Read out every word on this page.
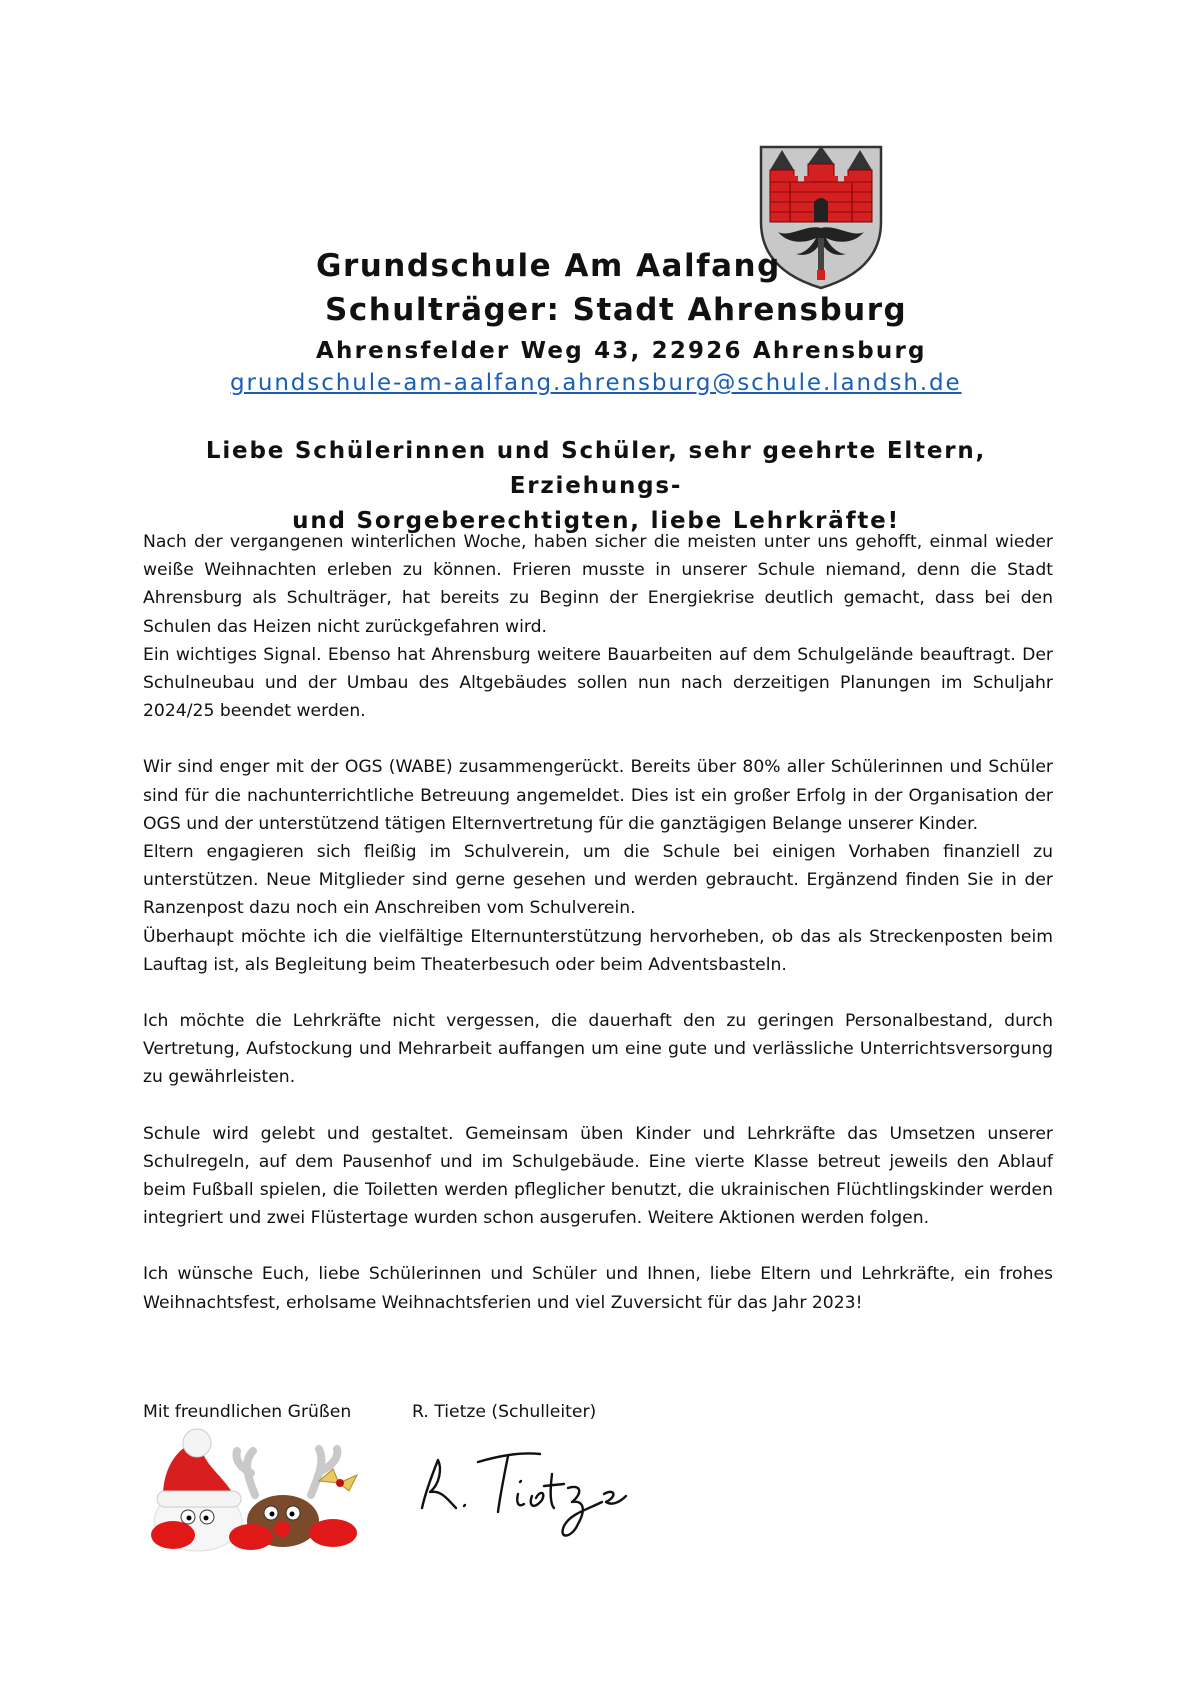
Grundschule Am Aalfang
Schulträger: Stadt Ahrensburg
Ahrensfelder Weg 43, 22926 Ahrensburg
grundschule-am-aalfang.ahrensburg@schule.landsh.de
Liebe Schülerinnen und Schüler, sehr geehrte Eltern, Erziehungs-
und Sorgeberechtigten, liebe Lehrkräfte!

Nach der vergangenen winterlichen Woche, haben sicher die meisten unter uns gehofft, einmal wieder weiße Weihnachten erleben zu können. Frieren musste in unserer Schule niemand, denn die Stadt Ahrensburg als Schulträger, hat bereits zu Beginn der Energiekrise deutlich gemacht, dass bei den Schulen das Heizen nicht zurückgefahren wird.

Ein wichtiges Signal. Ebenso hat Ahrensburg weitere Bauarbeiten auf dem Schulgelände beauftragt. Der Schulneubau und der Umbau des Altgebäudes sollen nun nach derzeitigen Planungen im Schuljahr 2024/25 beendet werden.

Wir sind enger mit der OGS (WABE) zusammengerückt. Bereits über 80% aller Schülerinnen und Schüler sind für die nachunterrichtliche Betreuung angemeldet. Dies ist ein großer Erfolg in der Organisation der OGS und der unterstützend tätigen Elternvertretung für die ganztägigen Belange unserer Kinder.

Eltern engagieren sich fleißig im Schulverein, um die Schule bei einigen Vorhaben finanziell zu unterstützen. Neue Mitglieder sind gerne gesehen und werden gebraucht. Ergänzend finden Sie in der Ranzenpost dazu noch ein Anschreiben vom Schulverein.

Überhaupt möchte ich die vielfältige Elternunterstützung hervorheben, ob das als Streckenposten beim Lauftag ist, als Begleitung beim Theaterbesuch oder beim Adventsbasteln.

Ich möchte die Lehrkräfte nicht vergessen, die dauerhaft den zu geringen Personalbestand, durch Vertretung, Aufstockung und Mehrarbeit auffangen um eine gute und verlässliche Unterrichtsversorgung zu gewährleisten.

Schule wird gelebt und gestaltet. Gemeinsam üben Kinder und Lehrkräfte das Umsetzen unserer Schulregeln, auf dem Pausenhof und im Schulgebäude. Eine vierte Klasse betreut jeweils den Ablauf beim Fußball spielen, die Toiletten werden pfleglicher benutzt, die ukrainischen Flüchtlingskinder werden integriert und zwei Flüstertage wurden schon ausgerufen. Weitere Aktionen werden folgen.

Ich wünsche Euch, liebe Schülerinnen und Schüler und Ihnen, liebe Eltern und Lehrkräfte, ein frohes Weihnachtsfest, erholsame Weihnachtsferien und viel Zuversicht für das Jahr 2023!

Mit freundlichen Grüßen	R. Tietze (Schulleiter)
